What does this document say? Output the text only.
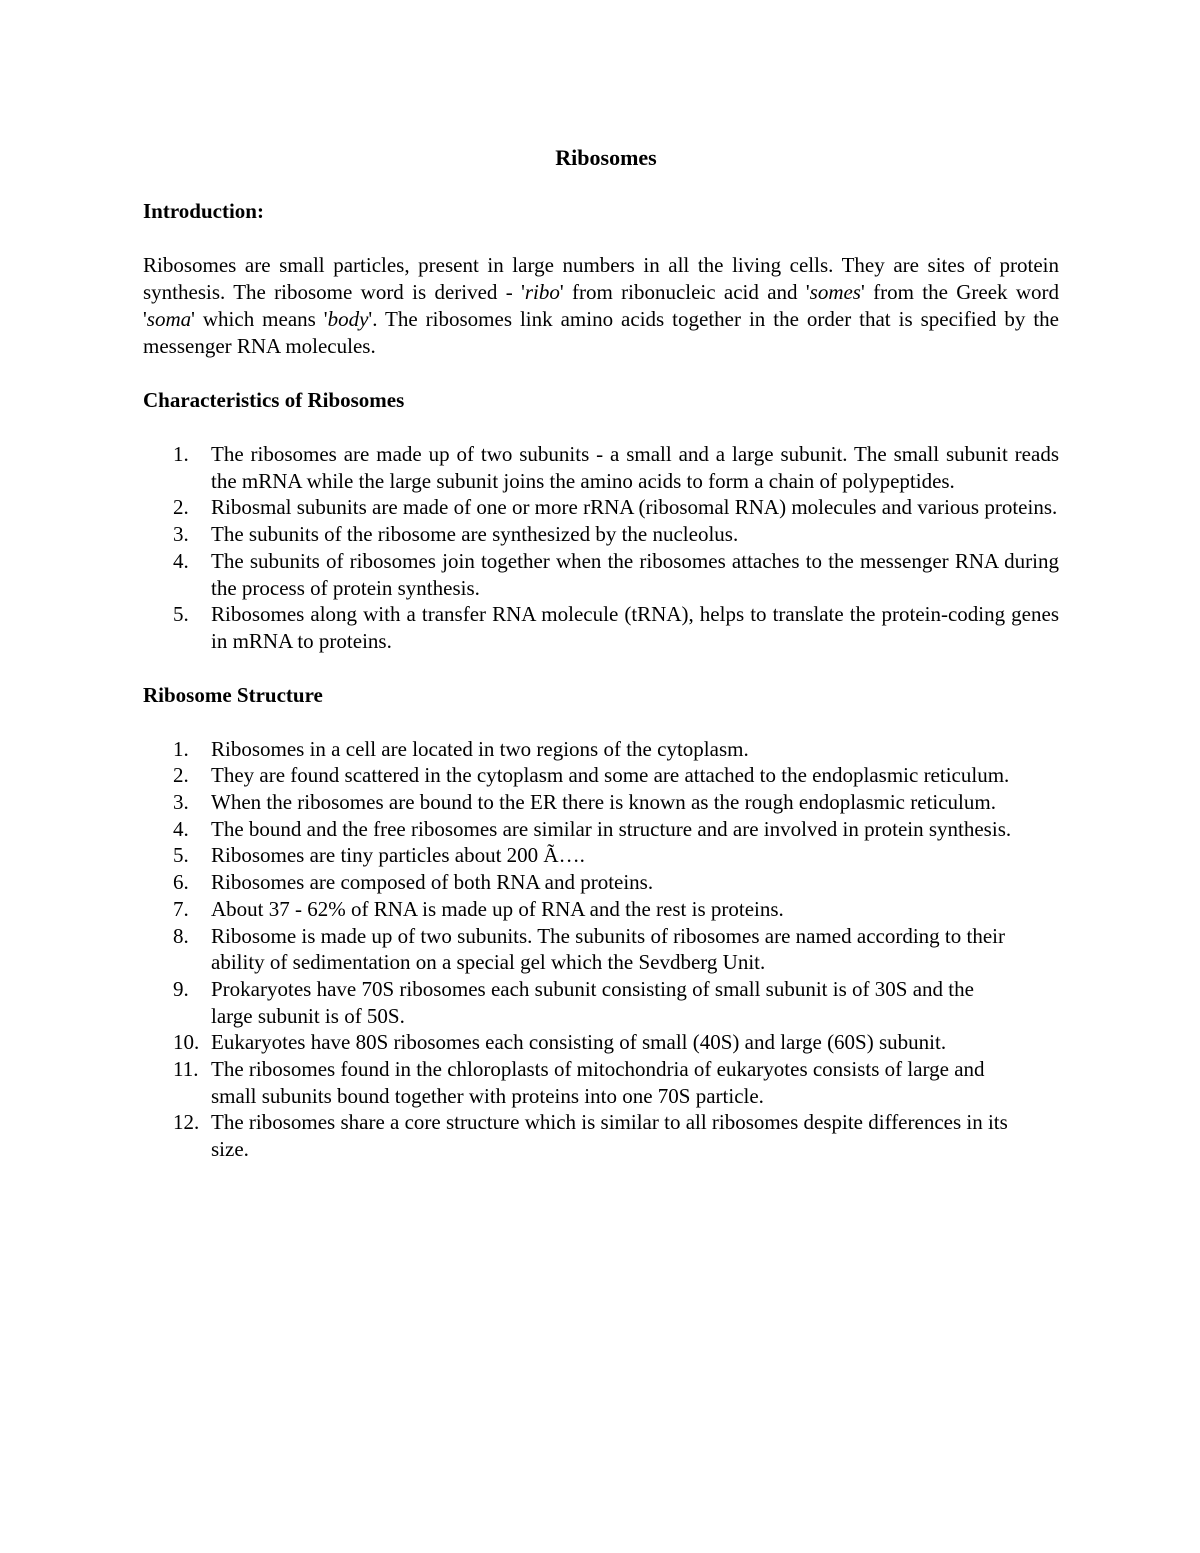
Ribosomes
Introduction:

Ribosomes are small particles, present in large numbers in all the living cells. They are sites of protein synthesis. The ribosome word is derived - 'ribo' from ribonucleic acid and 'somes' from the Greek word 'soma' which means 'body'. The ribosomes link amino acids together in the order that is specified by the messenger RNA molecules.

Characteristics of Ribosomes
1.	The ribosomes are made up of two subunits - a small and a large subunit. The small subunit reads the mRNA while the large subunit joins the amino acids to form a chain of polypeptides.
2.	Ribosmal subunits are made of one or more rRNA (ribosomal RNA) molecules and various proteins.
3.	The subunits of the ribosome are synthesized by the nucleolus.
4.	The subunits of ribosomes join together when the ribosomes attaches to the messenger RNA during the process of protein synthesis.
5.	Ribosomes along with a transfer RNA molecule (tRNA), helps to translate the protein-coding genes in mRNA to proteins.
Ribosome Structure
1.	Ribosomes in a cell are located in two regions of the cytoplasm.
2.	They are found scattered in the cytoplasm and some are attached to the endoplasmic reticulum.
3.	When the ribosomes are bound to the ER there is known as the rough endoplasmic reticulum.
4.	The bound and the free ribosomes are similar in structure and are involved in protein synthesis.
5.	Ribosomes are tiny particles about 200 Ã….
6.	Ribosomes are composed of both RNA and proteins.
7.	About 37 - 62% of RNA is made up of RNA and the rest is proteins.
8.	Ribosome is made up of two subunits. The subunits of ribosomes are named according to their ability of sedimentation on a special gel which the Sevdberg Unit.
9.	Prokaryotes have 70S ribosomes each subunit consisting of small subunit is of 30S and the large subunit is of 50S.
10. Eukaryotes have 80S ribosomes each consisting of small (40S) and large (60S) subunit.
11. The ribosomes found in the chloroplasts of mitochondria of eukaryotes consists of large and small subunits bound together with proteins into one 70S particle.
12. The ribosomes share a core structure which is similar to all ribosomes despite differences in its size.
